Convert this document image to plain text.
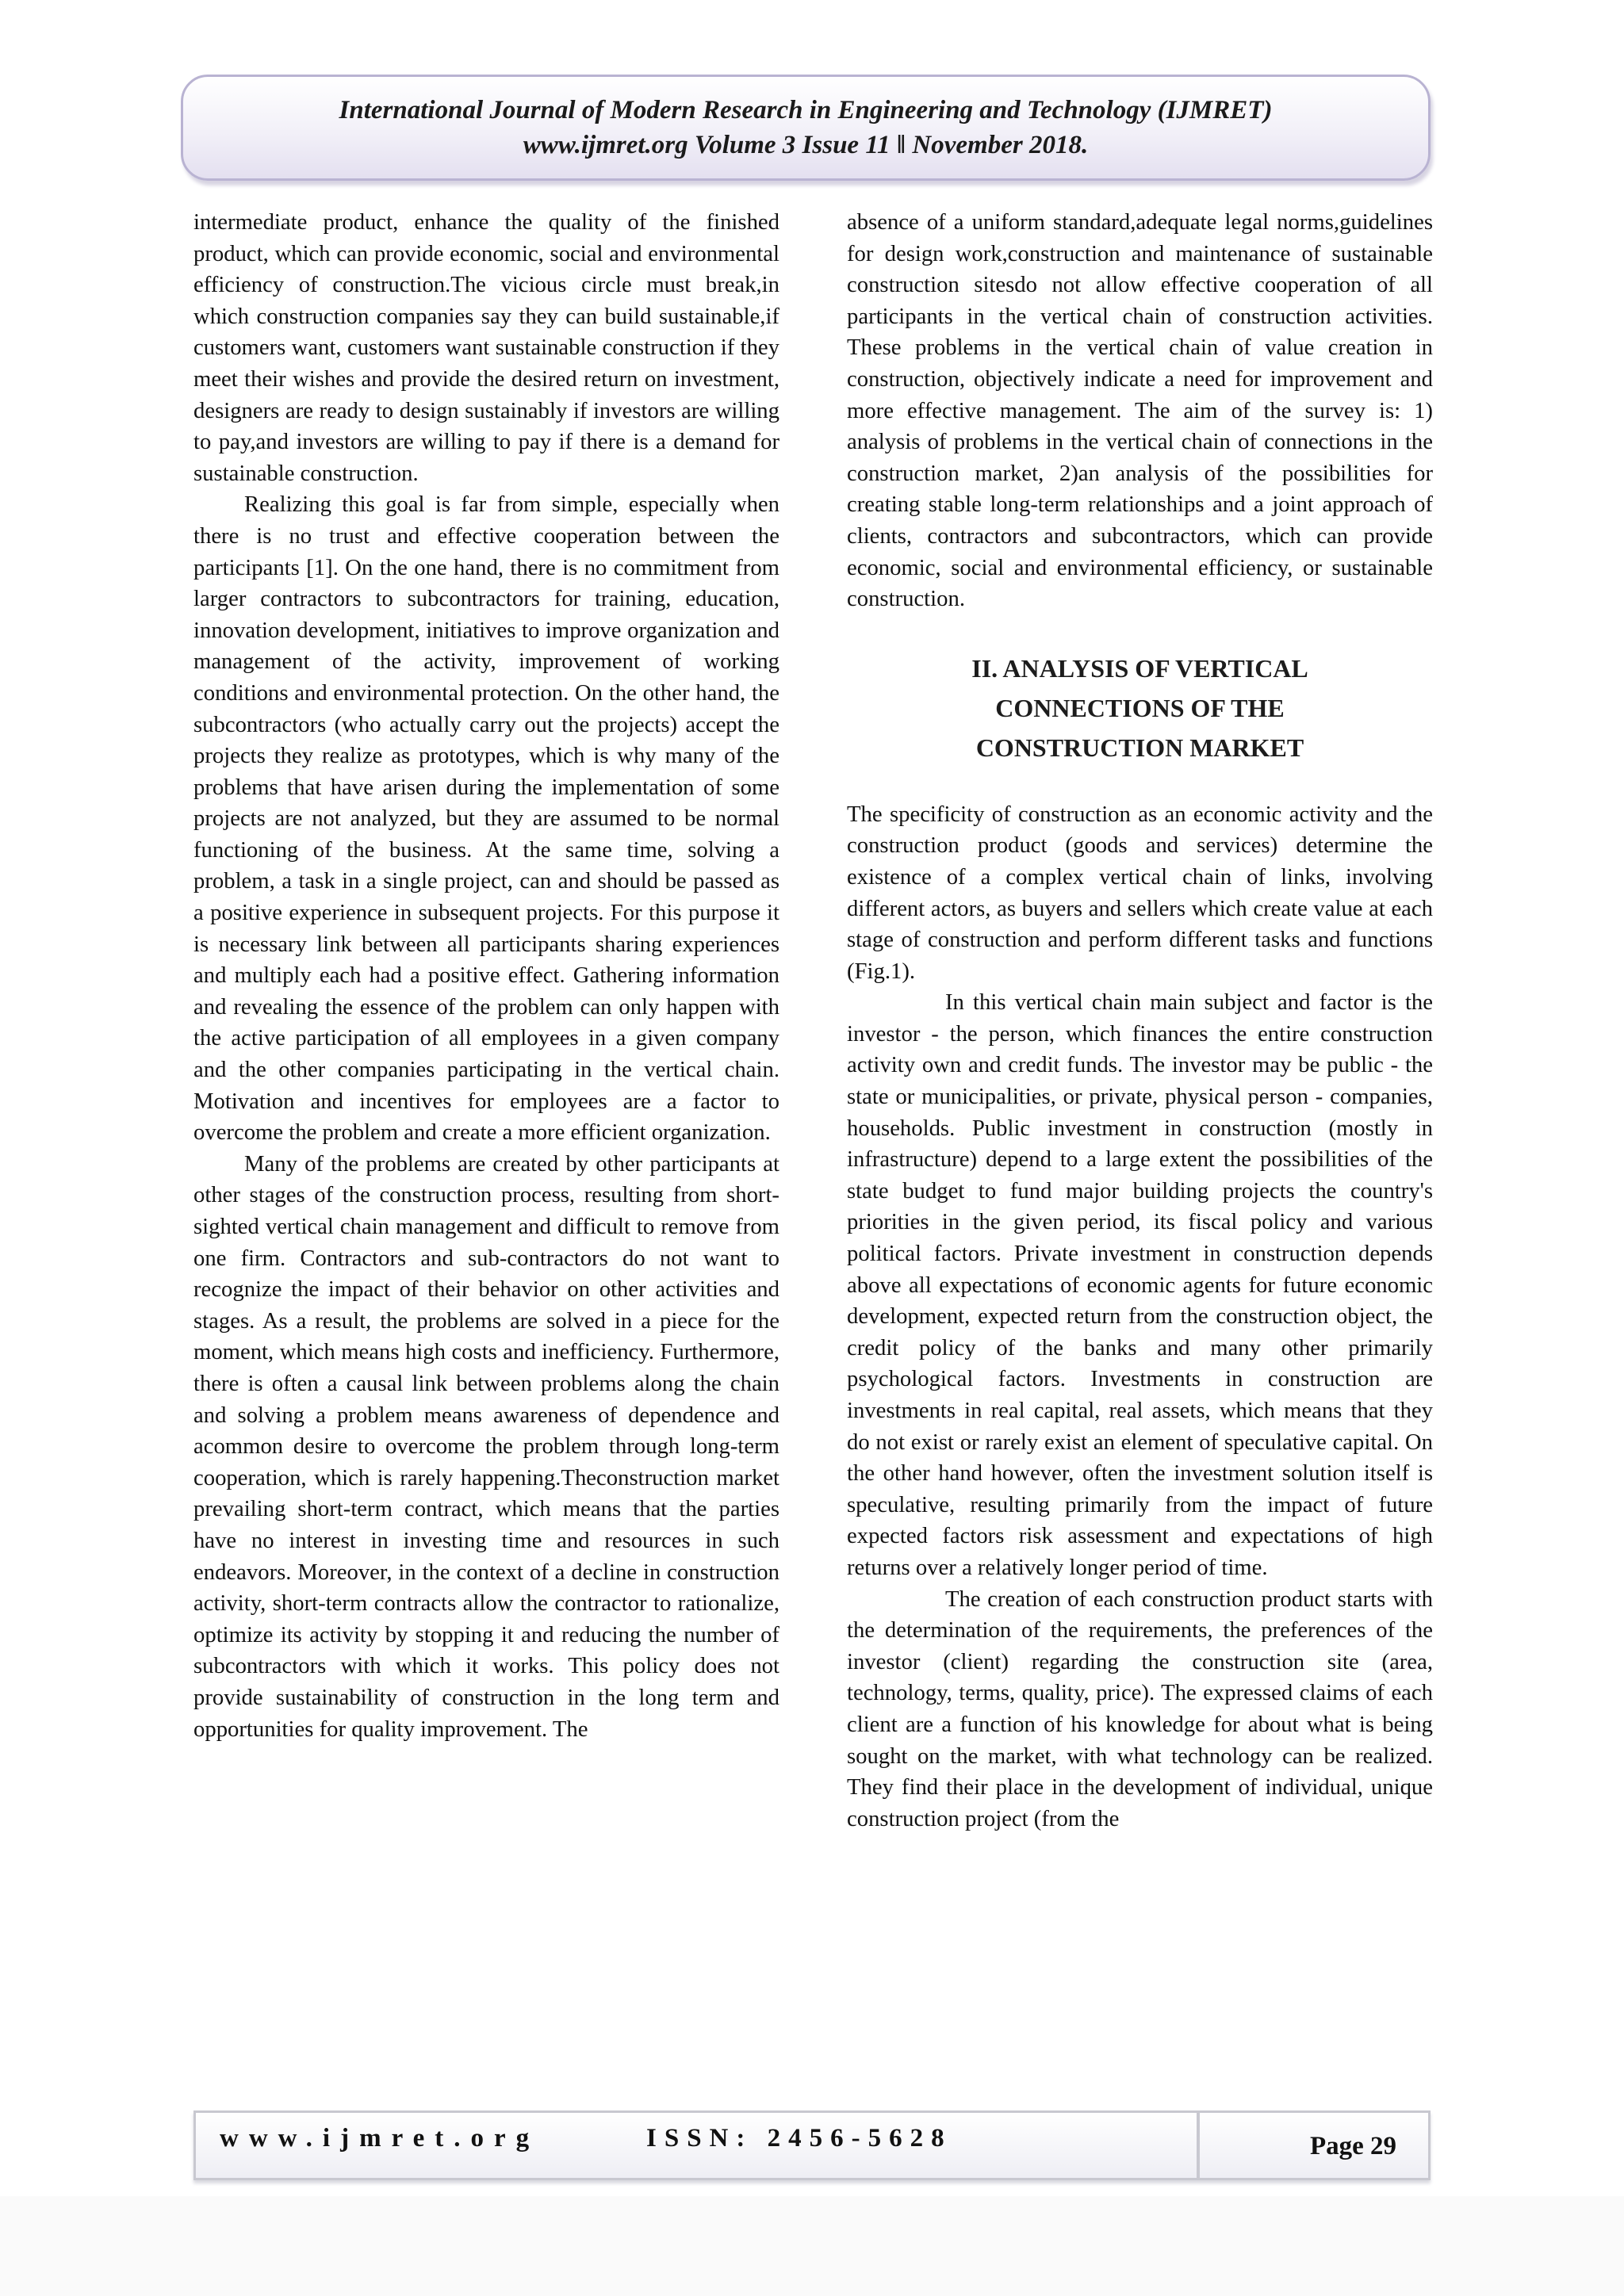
International Journal of Modern Research in Engineering and Technology (IJMRET)
www.ijmret.org Volume 3 Issue 11 ǁ November 2018.

intermediate product, enhance the quality of the finished product, which can provide economic, social and environmental efficiency of construction.The vicious circle must break,in which construction companies say they can build sustainable,if customers want, customers want sustainable construction if they meet their wishes and provide the desired return on investment, designers are ready to design sustainably if investors are willing to pay,and investors are willing to pay if there is a demand for sustainable construction.

Realizing this goal is far from simple, especially when there is no trust and effective cooperation between the participants [1]. On the one hand, there is no commitment from larger contractors to subcontractors for training, education, innovation development, initiatives to improve organization and management of the activity, improvement of working conditions and environmental protection. On the other hand, the subcontractors (who actually carry out the projects) accept the projects they realize as prototypes, which is why many of the problems that have arisen during the implementation of some projects are not analyzed, but they are assumed to be normal functioning of the business. At the same time, solving a problem, a task in a single project, can and should be passed as a positive experience in subsequent projects. For this purpose it is necessary link between all participants sharing experiences and multiply each had a positive effect. Gathering information and revealing the essence of the problem can only happen with the active participation of all employees in a given company and the other companies participating in the vertical chain. Motivation and incentives for employees are a factor to overcome the problem and create a more efficient organization.

Many of the problems are created by other participants at other stages of the construction process, resulting from short-sighted vertical chain management and difficult to remove from one firm. Contractors and sub-contractors do not want to recognize the impact of their behavior on other activities and stages. As a result, the problems are solved in a piece for the moment, which means high costs and inefficiency. Furthermore, there is often a causal link between problems along the chain and solving a problem means awareness of dependence and acommon desire to overcome the problem through long-term cooperation, which is rarely happening.Theconstruction market prevailing short-term contract, which means that the parties have no interest in investing time and resources in such endeavors. Moreover, in the context of a decline in construction activity, short-term contracts allow the contractor to rationalize, optimize its activity by stopping it and reducing the number of subcontractors with which it works. This policy does not provide sustainability of construction in the long term and opportunities for quality improvement. The

absence of a uniform standard,adequate legal norms,guidelines for design work,construction and maintenance of sustainable construction sitesdo not allow effective cooperation of all participants in the vertical chain of construction activities. These problems in the vertical chain of value creation in construction, objectively indicate a need for improvement and more effective management. The aim of the survey is: 1) analysis of problems in the vertical chain of connections in the construction market, 2)an analysis of the possibilities for creating stable long-term relationships and a joint approach of clients, contractors and subcontractors, which can provide economic, social and environmental efficiency, or sustainable construction.

II. ANALYSIS OF VERTICAL
CONNECTIONS OF THE
CONSTRUCTION MARKET

The specificity of construction as an economic activity and the construction product (goods and services) determine the existence of a complex vertical chain of links, involving different actors, as buyers and sellers which create value at each stage of construction and perform different tasks and functions (Fig.1).

In this vertical chain main subject and factor is the investor - the person, which finances the entire construction activity own and credit funds. The investor may be public - the state or municipalities, or private, physical person - companies, households. Public investment in construction (mostly in infrastructure) depend to a large extent the possibilities of the state budget to fund major building projects the country's priorities in the given period, its fiscal policy and various political factors. Private investment in construction depends above all expectations of economic agents for future economic development, expected return from the construction object, the credit policy of the banks and many other primarily psychological factors. Investments in construction are investments in real capital, real assets, which means that they do not exist or rarely exist an element of speculative capital. On the other hand however, often the investment solution itself is speculative, resulting primarily from the impact of future expected factors risk assessment and expectations of high returns over a relatively longer period of time.

The creation of each construction product starts with the determination of the requirements, the preferences of the investor (client) regarding the construction site (area, technology, terms, quality, price). The expressed claims of each client are a function of his knowledge for about what is being sought on the market, with what technology can be realized. They find their place in the development of individual, unique construction project (from the

www.ijmret.org	ISSN: 2456-5628	Page 29
